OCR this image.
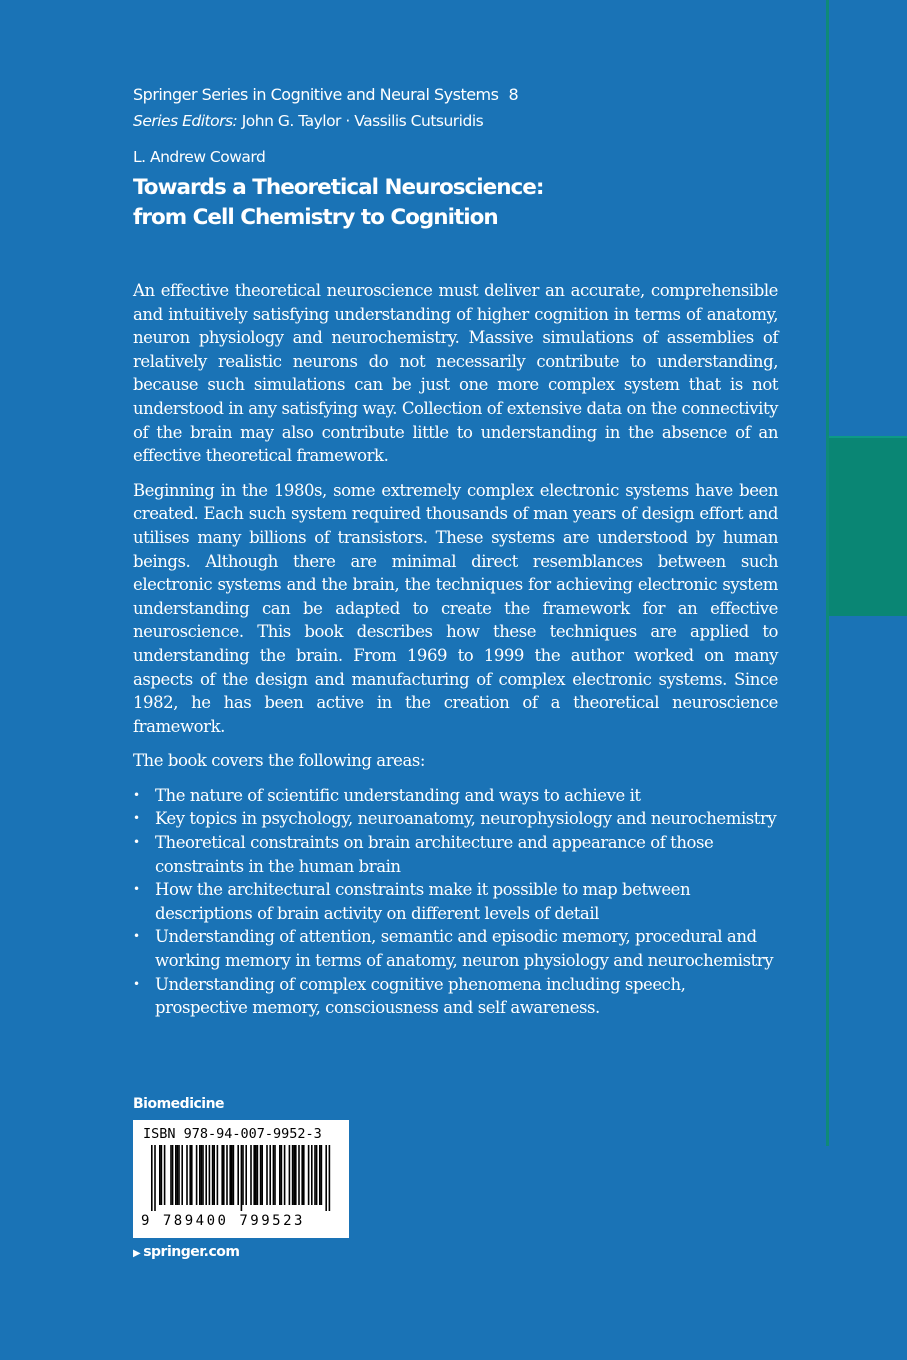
Springer Series in Cognitive and Neural Systems 8
Series Editors: John G. Taylor · Vassilis Cutsuridis
L. Andrew Coward
Towards a Theoretical Neuroscience: from Cell Chemistry to Cognition

An effective theoretical neuroscience must deliver an accurate, comprehensible and intuitively satisfying understanding of higher cognition in terms of anatomy, neuron physiology and neurochemistry. Massive simulations of assemblies of relatively realistic neurons do not necessarily contribute to understanding, because such simulations can be just one more complex system that is not understood in any satisfying way. Collection of extensive data on the connectivity of the brain may also contribute little to understanding in the absence of an effective theoretical framework.

Beginning in the 1980s, some extremely complex electronic systems have been created. Each such system required thousands of man years of design effort and utilises many billions of transistors. These systems are understood by human beings. Although there are minimal direct resemblances between such electronic systems and the brain, the techniques for achieving electronic system understanding can be adapted to create the framework for an effective neuroscience. This book describes how these techniques are applied to understanding the brain. From 1969 to 1999 the author worked on many aspects of the design and manufacturing of complex electronic systems. Since 1982, he has been active in the creation of a theoretical neuroscience framework.

The book covers the following areas:

• The nature of scientific understanding and ways to achieve it
• Key topics in psychology, neuroanatomy, neurophysiology and neurochemistry
• Theoretical constraints on brain architecture and appearance of those constraints in the human brain
• How the architectural constraints make it possible to map between descriptions of brain activity on different levels of detail
• Understanding of attention, semantic and episodic memory, procedural and working memory in terms of anatomy, neuron physiology and neurochemistry
• Understanding of complex cognitive phenomena including speech, prospective memory, consciousness and self awareness.
Biomedicine
ISBN 978-94-007-9952-3
9 789400 799523
▶ springer.com
